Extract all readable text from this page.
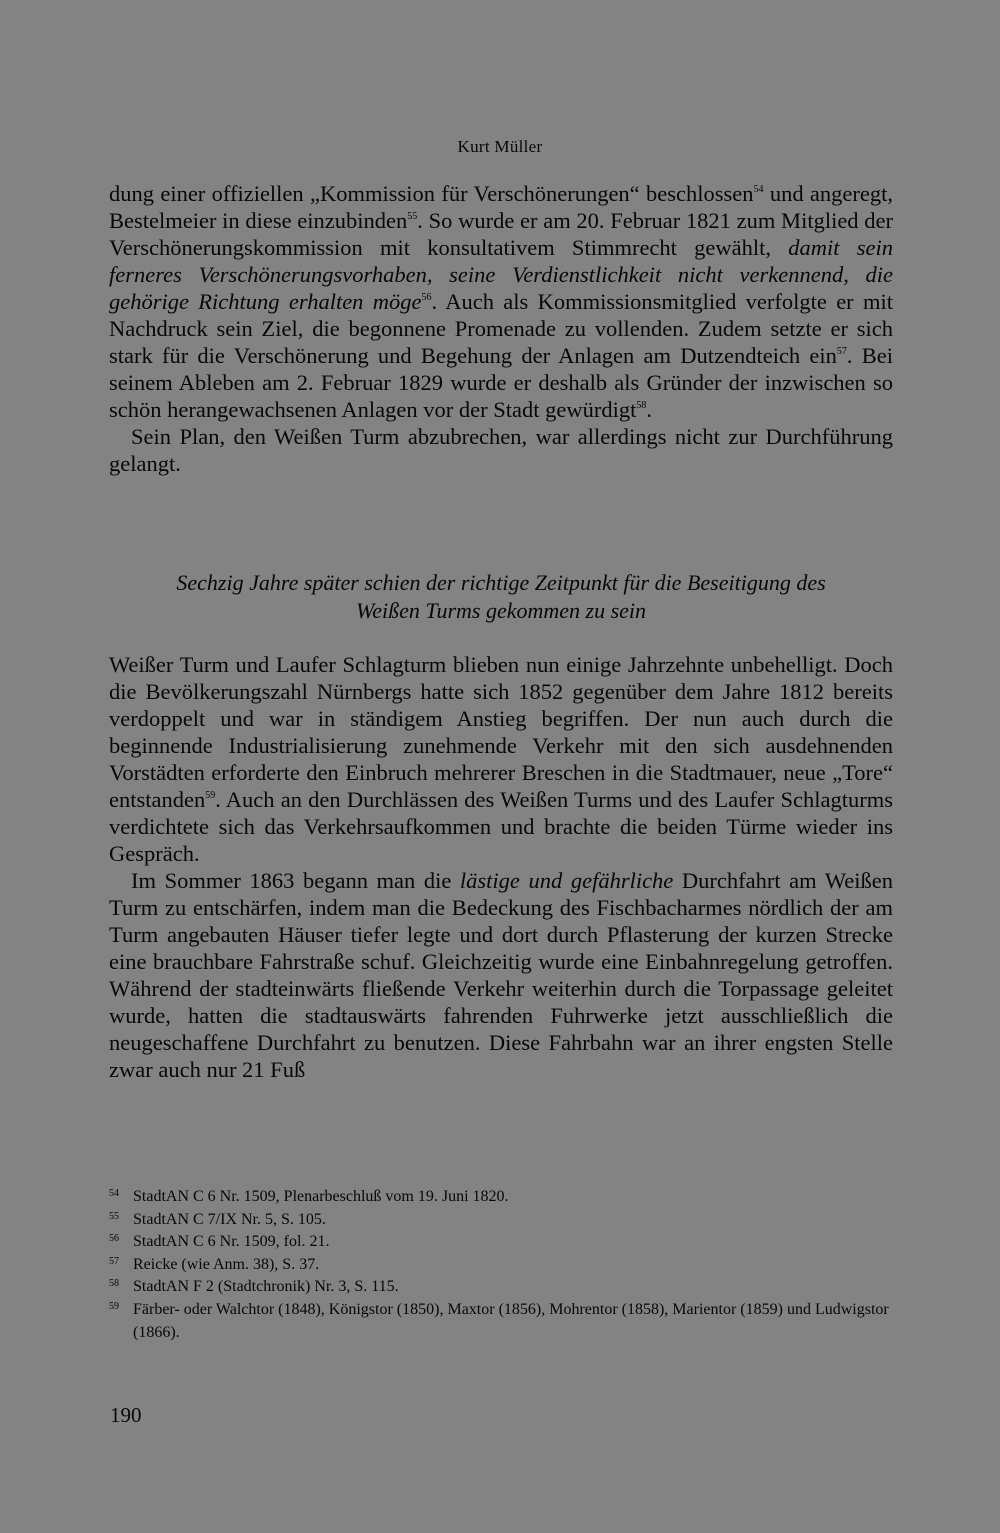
Kurt Müller

dung einer offiziellen „Kommission für Verschönerungen“ beschlossen$^{54}$ und angeregt, Bestelmeier in diese einzubinden$^{55}$. So wurde er am 20. Februar 1821 zum Mitglied der Verschönerungskommission mit konsultativem Stimmrecht gewählt, damit sein ferneres Verschönerungsvorhaben, seine Verdienstlichkeit nicht verkennend, die gehörige Richtung erhalten möge$^{56}$. Auch als Kommissionsmitglied verfolgte er mit Nachdruck sein Ziel, die begonnene Promenade zu vollenden. Zudem setzte er sich stark für die Verschönerung und Begehung der Anlagen am Dutzendteich ein$^{57}$. Bei seinem Ableben am 2. Februar 1829 wurde er deshalb als Gründer der inzwischen so schön herangewachsenen Anlagen vor der Stadt gewürdigt$^{58}$.

Sein Plan, den Weißen Turm abzubrechen, war allerdings nicht zur Durchführung gelangt.

Sechzig Jahre später schien der richtige Zeitpunkt für die Beseitigung des
Weißen Turms gekommen zu sein

Weißer Turm und Laufer Schlagturm blieben nun einige Jahrzehnte unbehelligt. Doch die Bevölkerungszahl Nürnbergs hatte sich 1852 gegenüber dem Jahre 1812 bereits verdoppelt und war in ständigem Anstieg begriffen. Der nun auch durch die beginnende Industrialisierung zunehmende Verkehr mit den sich ausdehnenden Vorstädten erforderte den Einbruch mehrerer Breschen in die Stadtmauer, neue „Tore“ entstanden$^{59}$. Auch an den Durchlässen des Weißen Turms und des Laufer Schlagturms verdichtete sich das Verkehrsaufkommen und brachte die beiden Türme wieder ins Gespräch.

Im Sommer 1863 begann man die lästige und gefährliche Durchfahrt am Weißen Turm zu entschärfen, indem man die Bedeckung des Fischbacharmes nördlich der am Turm angebauten Häuser tiefer legte und dort durch Pflasterung der kurzen Strecke eine brauchbare Fahrstraße schuf. Gleichzeitig wurde eine Einbahnregelung getroffen. Während der stadteinwärts fließende Verkehr weiterhin durch die Torpassage geleitet wurde, hatten die stadtauswärts fahrenden Fuhrwerke jetzt ausschließlich die neugeschaffene Durchfahrt zu benutzen. Diese Fahrbahn war an ihrer engsten Stelle zwar auch nur 21 Fuß

54 StadtAN C 6 Nr. 1509, Plenarbeschluß vom 19. Juni 1820.
55 StadtAN C 7/IX Nr. 5, S. 105.
56 StadtAN C 6 Nr. 1509, fol. 21.
57 Reicke (wie Anm. 38), S. 37.
58 StadtAN F 2 (Stadtchronik) Nr. 3, S. 115.
59 Färber- oder Walchtor (1848), Königstor (1850), Maxtor (1856), Mohrentor (1858), Marientor (1859) und Ludwigstor (1866).
190
